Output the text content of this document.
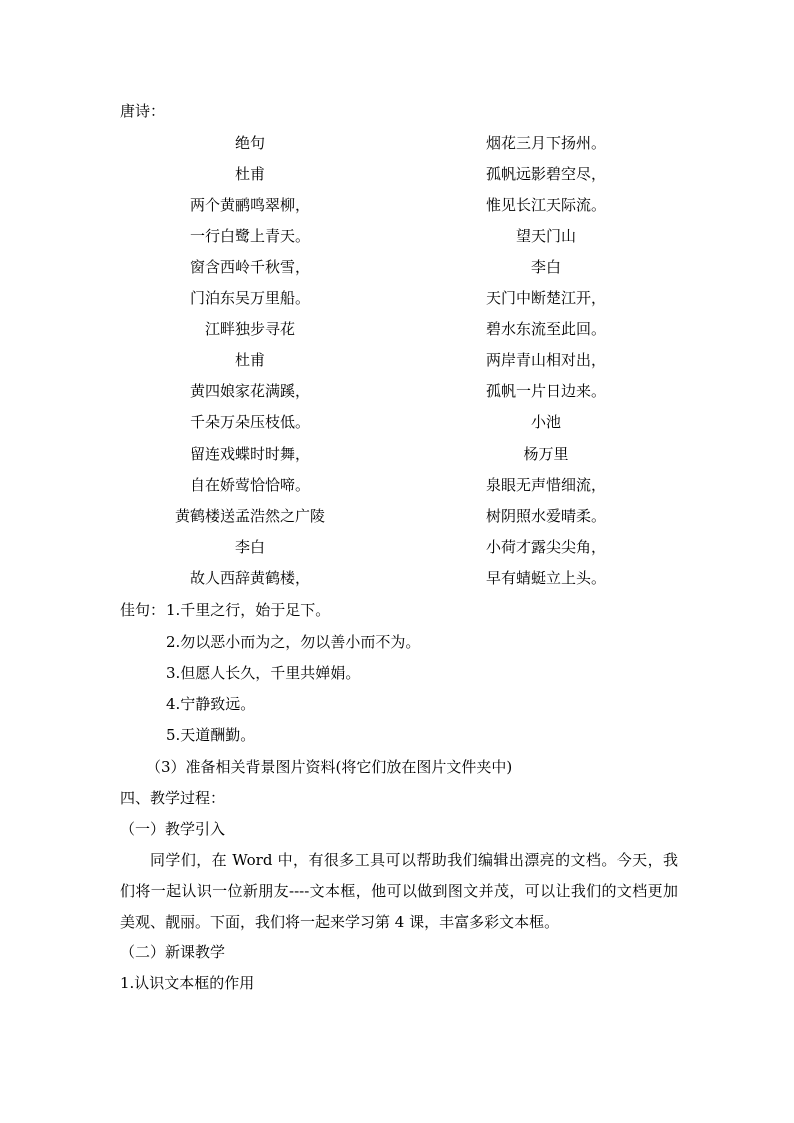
唐诗：
绝句
杜甫
两个黄鹂鸣翠柳，
一行白鹭上青天。
窗含西岭千秋雪，
门泊东吴万里船。
江畔独步寻花
杜甫
黄四娘家花满蹊，
千朵万朵压枝低。
留连戏蝶时时舞，
自在娇莺恰恰啼。
黄鹤楼送孟浩然之广陵
李白
故人西辞黄鹤楼，
烟花三月下扬州。
孤帆远影碧空尽，
惟见长江天际流。
望天门山
李白
天门中断楚江开，
碧水东流至此回。
两岸青山相对出，
孤帆一片日边来。
小池
杨万里
泉眼无声惜细流，
树阴照水爱晴柔。
小荷才露尖尖角，
早有蜻蜓立上头。
佳句： 1.千里之行，始于足下。
2.勿以恶小而为之，勿以善小而不为。
3.但愿人长久，千里共婵娟。
4.宁静致远。
5.天道酬勤。
（3）准备相关背景图片资料(将它们放在图片文件夹中)
四、教学过程：
（一）教学引入
同学们，在 Word 中，有很多工具可以帮助我们编辑出漂亮的文档。今天，我们将一起认识一位新朋友----文本框，他可以做到图文并茂，可以让我们的文档更加美观、靓丽。下面，我们将一起来学习第 4 课，丰富多彩文本框。
（二）新课教学
1.认识文本框的作用
